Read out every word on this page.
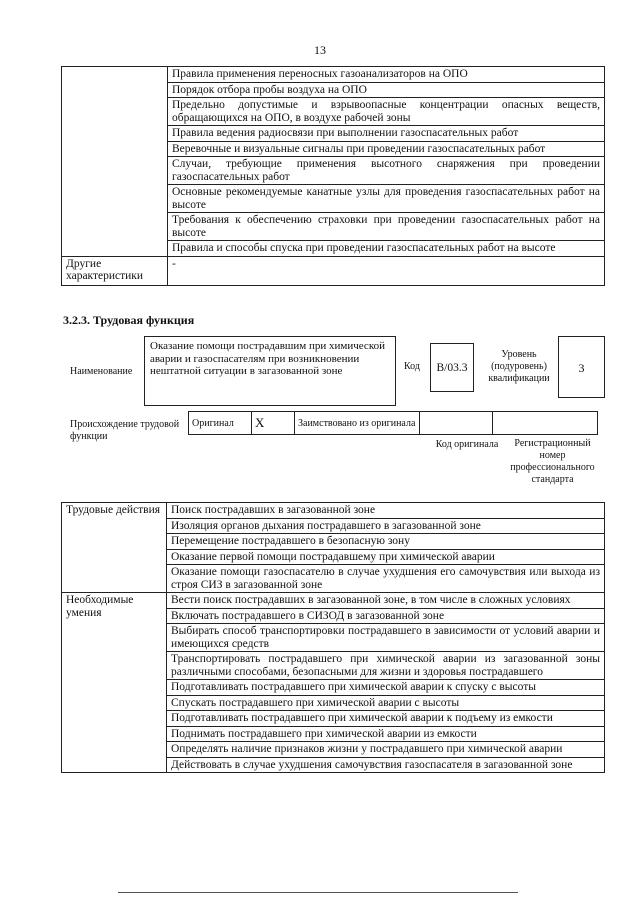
13
	Правила применения переносных газоанализаторов на ОПО
	Порядок отбора пробы воздуха на ОПО
	Предельно допустимые и взрывоопасные концентрации опасных веществ, обращающихся на ОПО, в воздухе рабочей зоны
	Правила ведения радиосвязи при выполнении газоспасательных работ
	Веревочные и визуальные сигналы при проведении газоспасательных работ
	Случаи, требующие применения высотного снаряжения при проведении газоспасательных работ
	Основные рекомендуемые канатные узлы для проведения газоспасательных работ на высоте
	Требования к обеспечению страховки при проведении газоспасательных работ на высоте
	Правила и способы спуска при проведении газоспасательных работ на высоте
Другие характеристики	-
3.2.3. Трудовая функция
Наименование
Оказание помощи пострадавшим при химической аварии и газоспасателям при возникновении нештатной ситуации в загазованной зоне	Код	B/03.3
Уровень (подуровень) квалификации
3
Происхождение трудовой функции
Оригинал	X	Заимствовано из оригинала		
Код оригинала	Регистрационный номер профессионального стандарта
Трудовые действия	Поиск пострадавших в загазованной зоне
	Изоляция органов дыхания пострадавшего в загазованной зоне
	Перемещение пострадавшего в безопасную зону
	Оказание первой помощи пострадавшему при химической аварии
	Оказание помощи газоспасателю в случае ухудшения его самочувствия или выхода из строя СИЗ в загазованной зоне
Необходимые умения	Вести поиск пострадавших в загазованной зоне, в том числе в сложных условиях
	Включать пострадавшего в СИЗОД в загазованной зоне
	Выбирать способ транспортировки пострадавшего в зависимости от условий аварии и имеющихся средств
	Транспортировать пострадавшего при химической аварии из загазованной зоны различными способами, безопасными для жизни и здоровья пострадавшего
	Подготавливать пострадавшего при химической аварии к спуску с высоты
	Спускать пострадавшего при химической аварии с высоты
	Подготавливать пострадавшего при химической аварии к подъему из емкости
	Поднимать пострадавшего при химической аварии из емкости
	Определять наличие признаков жизни у пострадавшего при химической аварии
	Действовать в случае ухудшения самочувствия газоспасателя в загазованной зоне
